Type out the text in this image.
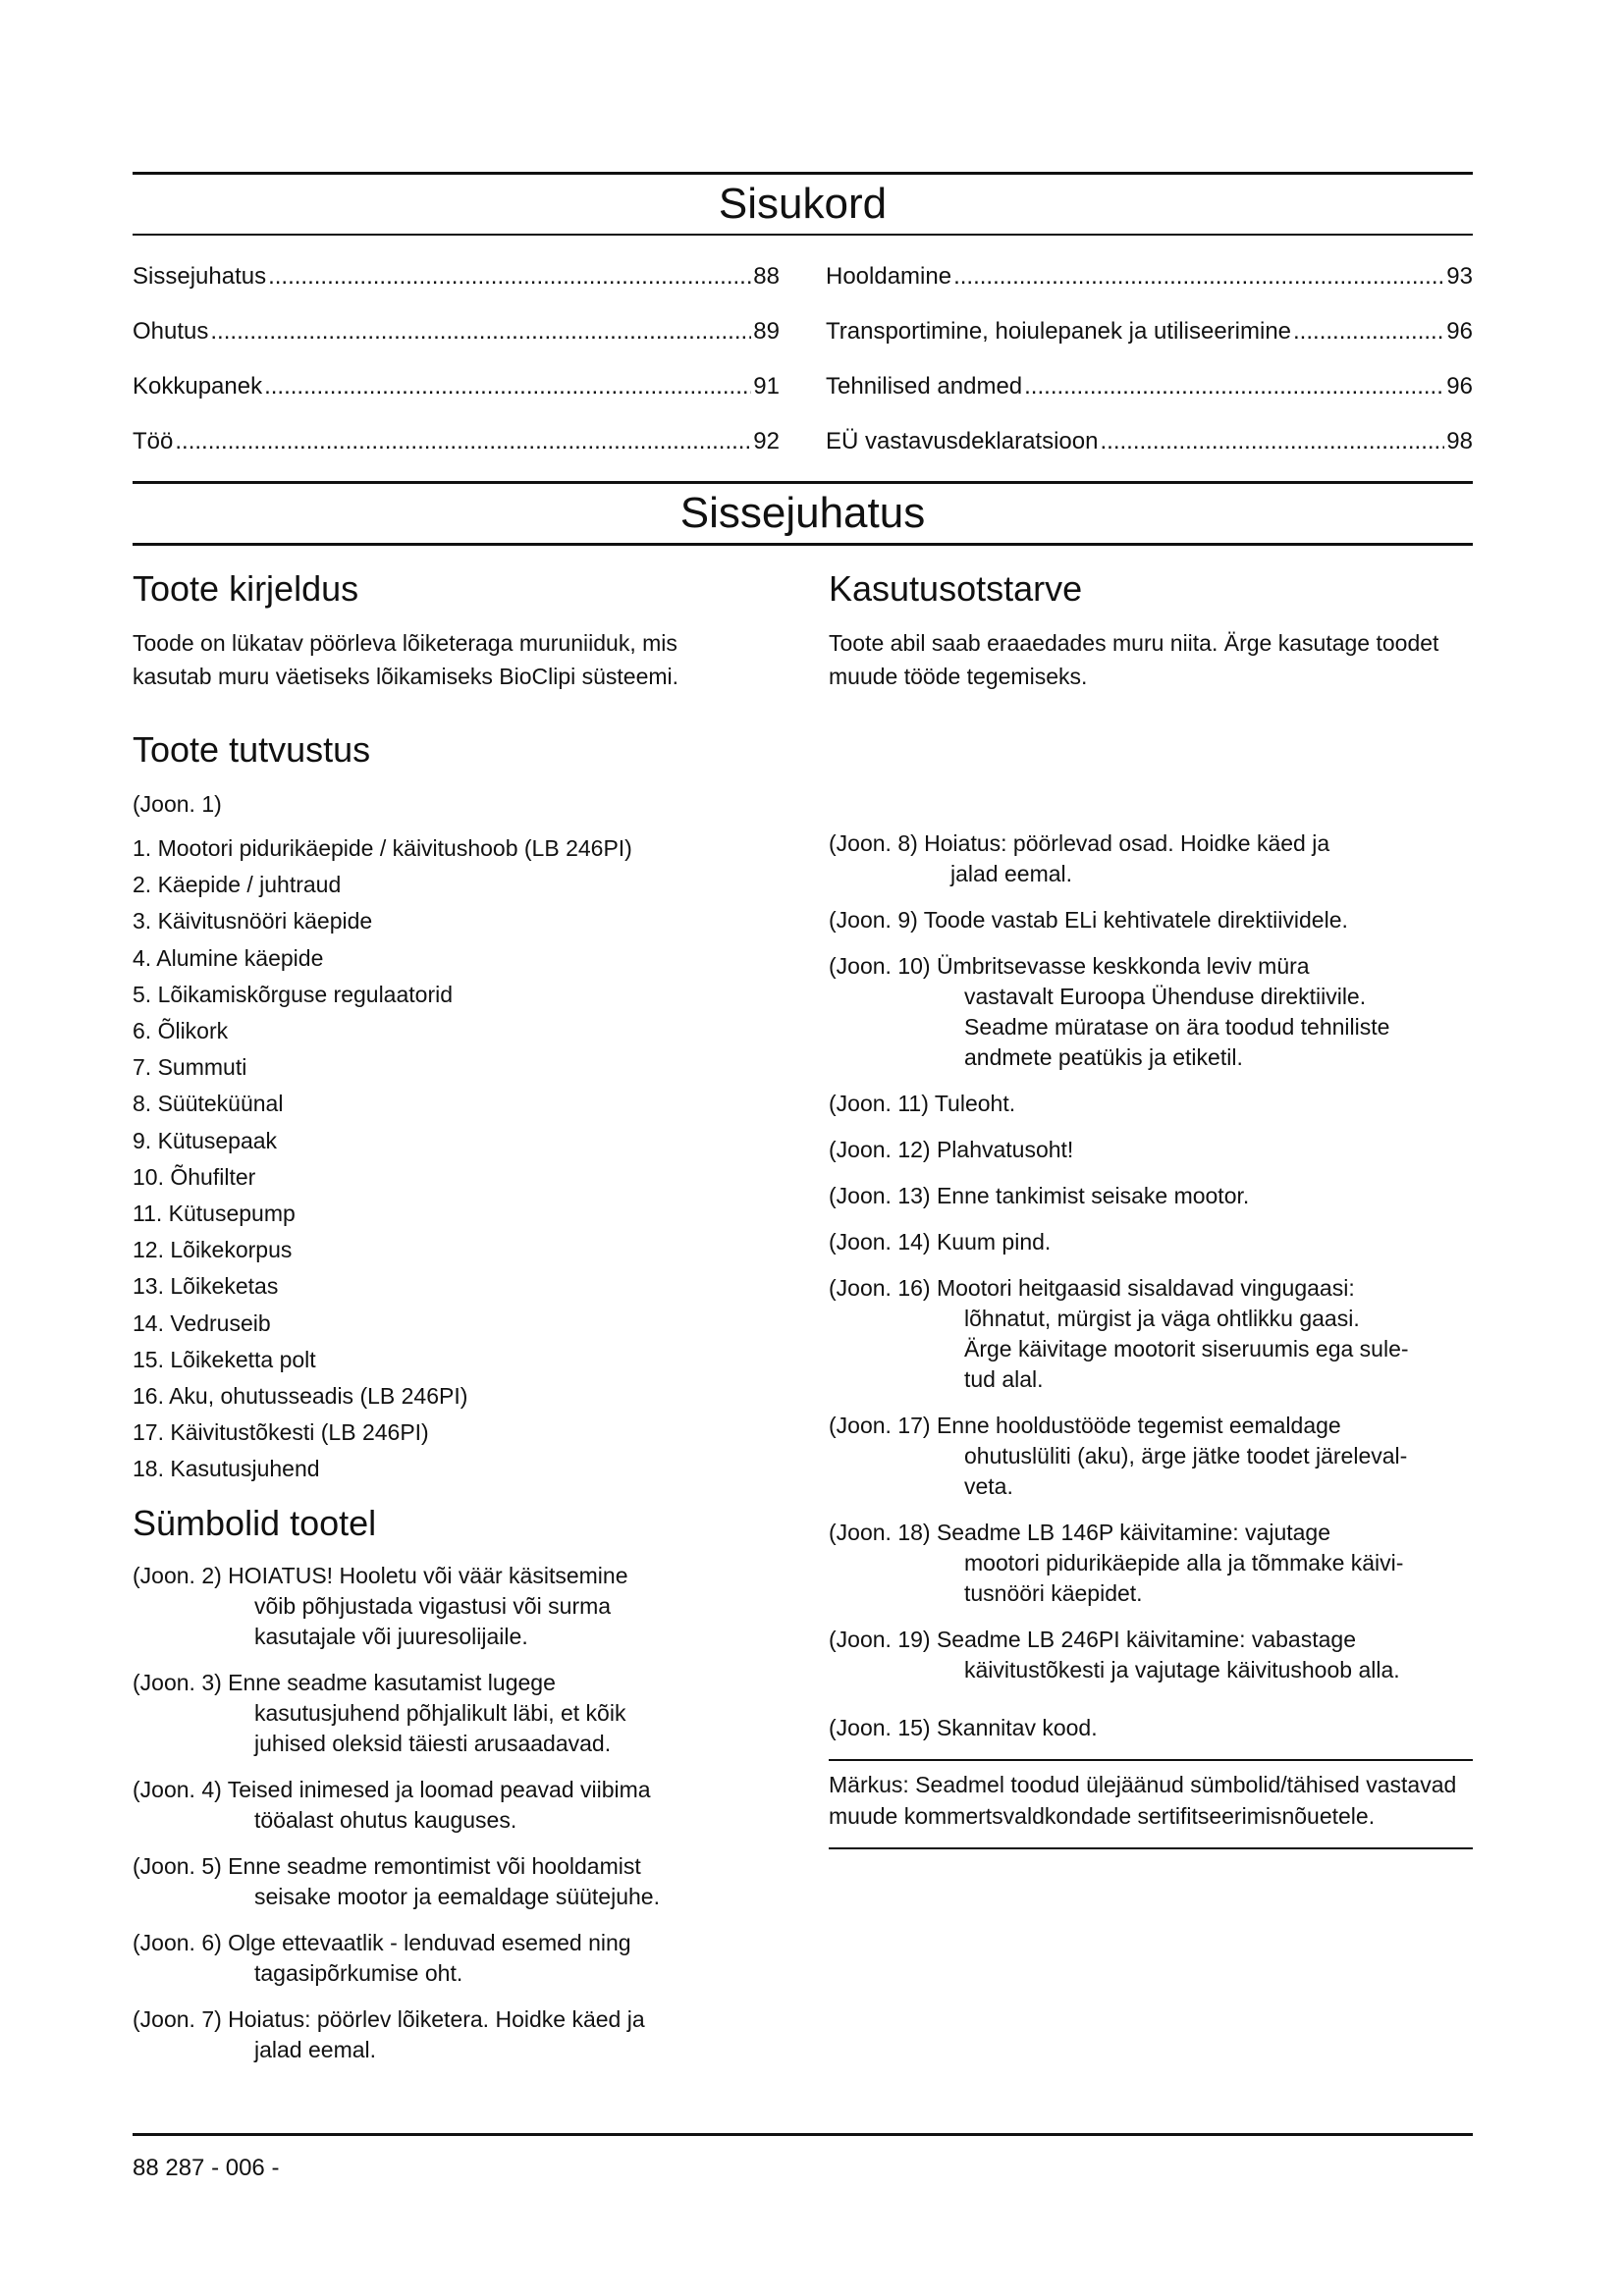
Sisukord
Sissejuhatus .....	88
Ohutus .....	89
Kokkupanek .....	91
Töö .....	92
Hooldamine .....	93
Transportimine, hoiulepanek ja utiliseerimine .....	96
Tehnilised andmed .....	96
EÜ vastavusdeklaratsioon .....	98
Sissejuhatus
Toote kirjeldus

Toode on lükatav pöörleva lõiketeraga muruniiduk, mis kasutab muru väetiseks lõikamiseks BioClipi süsteemi.

Toote tutvustus

(Joon. 1)

1. Mootori pidurikäepide / käivitushoob (LB 246PI)
2. Käepide / juhtraud
3. Käivitusnööri käepide
4. Alumine käepide
5. Lõikamiskõrguse regulaatorid
6. Õlikork
7. Summuti
8. Süüteküünal
9. Kütusepaak
10. Õhufilter
11. Kütusepump
12. Lõikekorpus
13. Lõikeketas
14. Vedruseib
15. Lõikeketta polt
16. Aku, ohutusseadis (LB 246PI)
17. Käivitustõkesti (LB 246PI)
18. Kasutusjuhend
Sümbolid tootel
(Joon. 2) HOIATUS! Hooletu või väär käsitsemine
võib põhjustada vigastusi või surma
kasutajale või juuresolijaile.
(Joon. 3) Enne seadme kasutamist lugege
kasutusjuhend põhjalikult läbi, et kõik
juhised oleksid täiesti arusaadavad.
(Joon. 4) Teised inimesed ja loomad peavad viibima
tööalast ohutus kauguses.
(Joon. 5) Enne seadme remontimist või hooldamist
seisake mootor ja eemaldage süütejuhe.
(Joon. 6) Olge ettevaatlik - lenduvad esemed ning
tagasipõrkumise oht.
(Joon. 7) Hoiatus: pöörlev lõiketera. Hoidke käed ja
jalad eemal.
Kasutusotstarve

Toote abil saab eraaedades muru niita. Ärge kasutage toodet muude tööde tegemiseks.

(Joon. 8) Hoiatus: pöörlevad osad. Hoidke käed ja
jalad eemal.
(Joon. 9) Toode vastab ELi kehtivatele direktiividele.
(Joon. 10) Ümbritsevasse keskkonda leviv müra
vastavalt Euroopa Ühenduse direktiivile.
Seadme müratase on ära toodud tehniliste
andmete peatükis ja etiketil.
(Joon. 11) Tuleoht.
(Joon. 12) Plahvatusoht!
(Joon. 13) Enne tankimist seisake mootor.
(Joon. 14) Kuum pind.
(Joon. 16) Mootori heitgaasid sisaldavad vingugaasi:
lõhnatut, mürgist ja väga ohtlikku gaasi.
Ärge käivitage mootorit siseruumis ega sule-
tud alal.
(Joon. 17) Enne hooldustööde tegemist eemaldage
ohutuslüliti (aku), ärge jätke toodet järeleval-
veta.
(Joon. 18) Seadme LB 146P käivitamine: vajutage
mootori pidurikäepide alla ja tõmmake käivi-
tusnööri käepidet.
(Joon. 19) Seadme LB 246PI käivitamine: vabastage
käivitustõkesti ja vajutage käivitushoob alla.
(Joon. 15) Skannitav kood.
Märkus: Seadmel toodud ülejäänud sümbolid/tähised vastavad muude kommertsvaldkondade sertifitseerimisnõuetele.
88 287 - 006 -
